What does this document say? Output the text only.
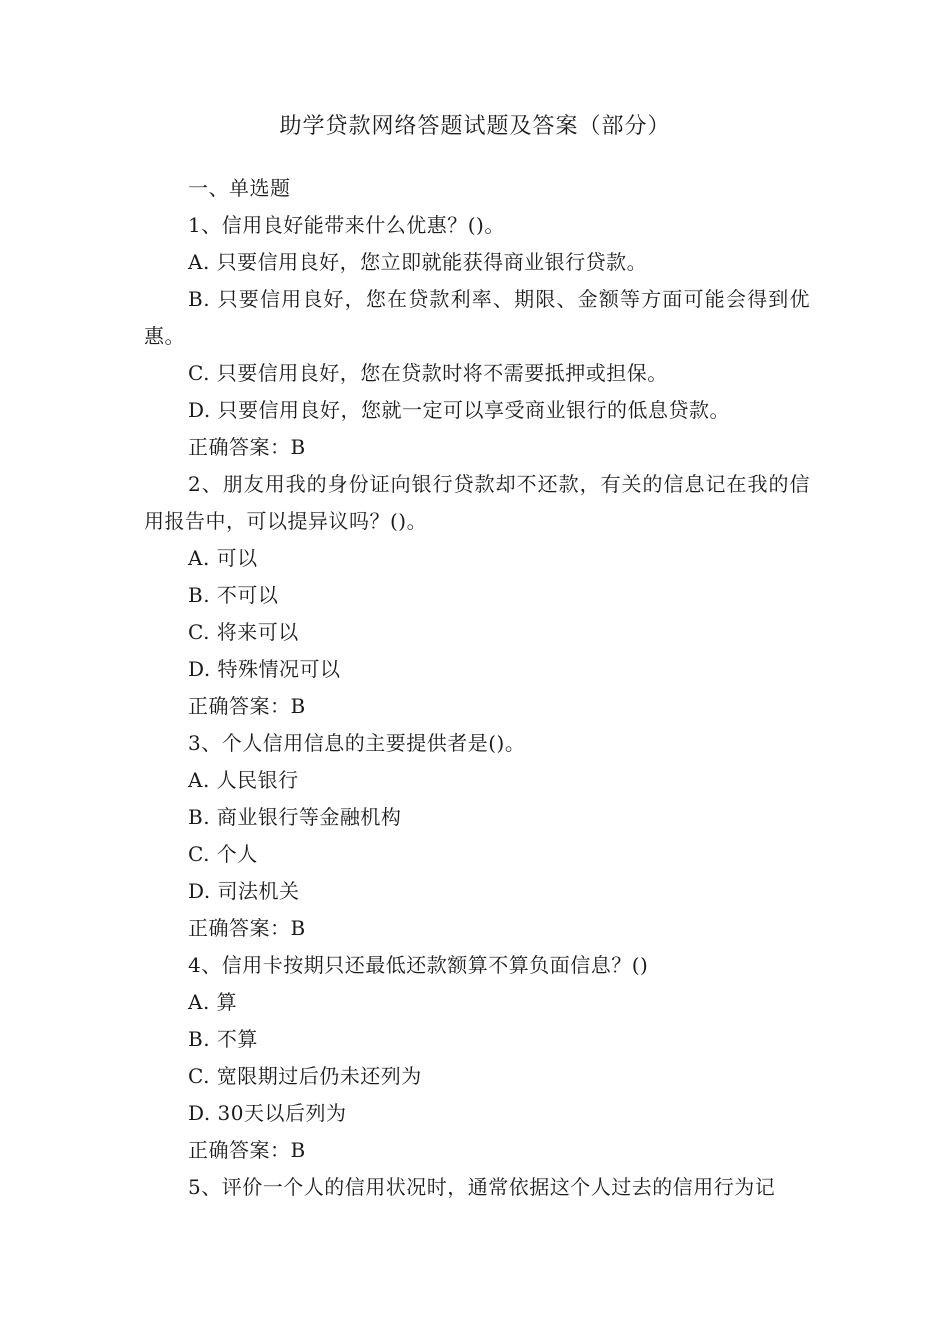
助学贷款网络答题试题及答案（部分）

一、单选题

1、信用良好能带来什么优惠？()。

A. 只要信用良好，您立即就能获得商业银行贷款。

B. 只要信用良好，您在贷款利率、期限、金额等方面可能会得到优惠。

C. 只要信用良好，您在贷款时将不需要抵押或担保。

D. 只要信用良好，您就一定可以享受商业银行的低息贷款。

正确答案：B

2、朋友用我的身份证向银行贷款却不还款，有关的信息记在我的信用报告中，可以提异议吗？()。

A. 可以

B. 不可以

C. 将来可以

D. 特殊情况可以

正确答案：B

3、个人信用信息的主要提供者是()。

A. 人民银行

B. 商业银行等金融机构

C. 个人

D. 司法机关

正确答案：B

4、信用卡按期只还最低还款额算不算负面信息？()

A. 算

B. 不算

C. 宽限期过后仍未还列为

D. 30天以后列为

正确答案：B

5、评价一个人的信用状况时，通常依据这个人过去的信用行为记
